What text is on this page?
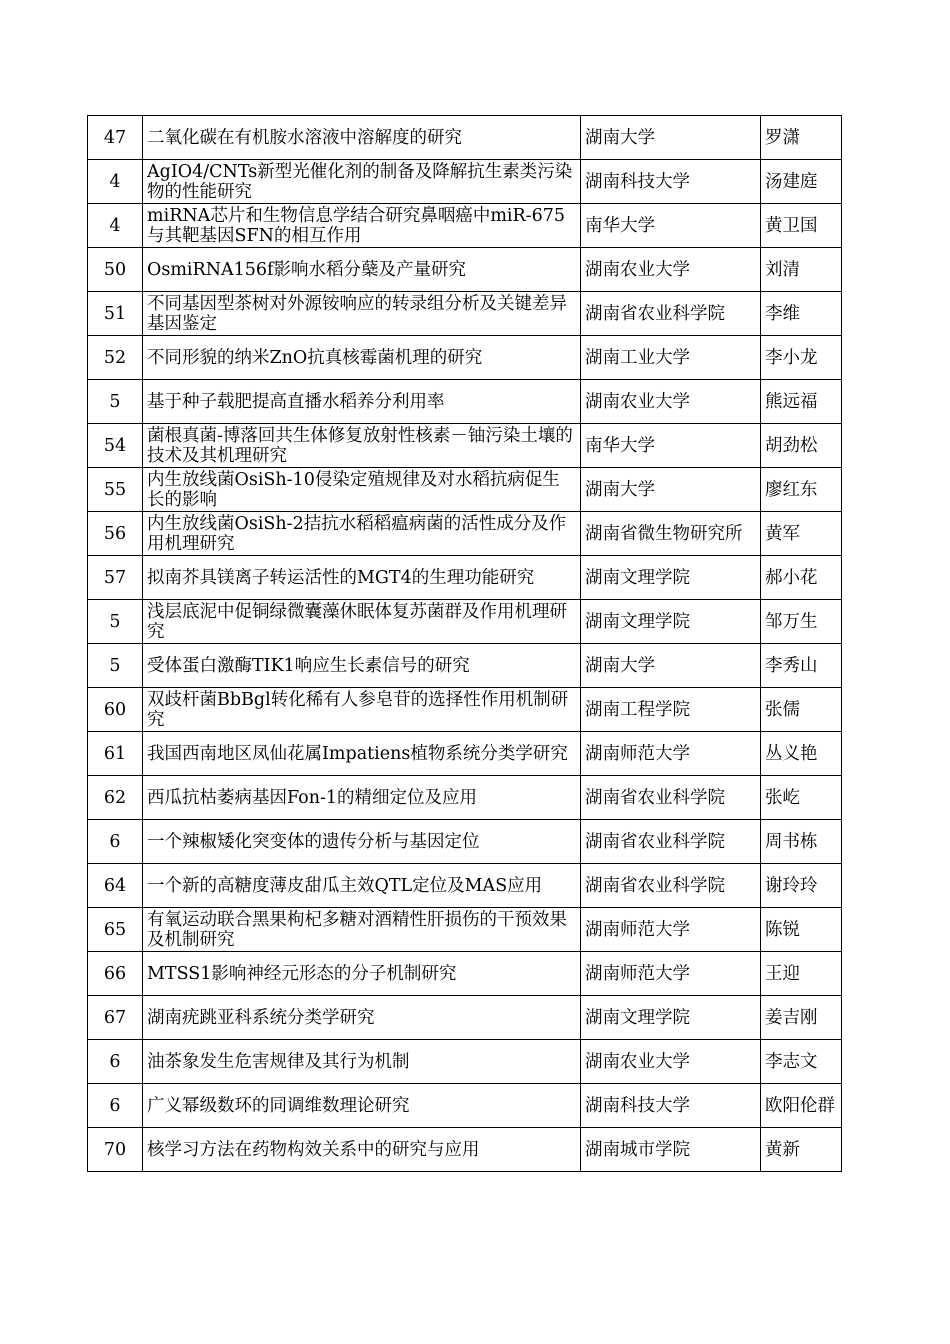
47	二氧化碳在有机胺水溶液中溶解度的研究	湖南大学	罗潇
4	AgIO4/CNTs新型光催化剂的制备及降解抗生素类污染物的性能研究	湖南科技大学	汤建庭
4	miRNA芯片和生物信息学结合研究鼻咽癌中miR-675与其靶基因SFN的相互作用	南华大学	黄卫国
50	OsmiRNA156f影响水稻分蘖及产量研究	湖南农业大学	刘清
51	不同基因型茶树对外源铵响应的转录组分析及关键差异基因鉴定	湖南省农业科学院	李维
52	不同形貌的纳米ZnO抗真核霉菌机理的研究	湖南工业大学	李小龙
5	基于种子载肥提高直播水稻养分利用率	湖南农业大学	熊远福
54	菌根真菌-博落回共生体修复放射性核素－铀污染土壤的技术及其机理研究	南华大学	胡劲松
55	内生放线菌OsiSh-10侵染定殖规律及对水稻抗病促生长的影响	湖南大学	廖红东
56	内生放线菌OsiSh-2拮抗水稻稻瘟病菌的活性成分及作用机理研究	湖南省微生物研究所	黄军
57	拟南芥具镁离子转运活性的MGT4的生理功能研究	湖南文理学院	郝小花
5	浅层底泥中促铜绿微囊藻休眠体复苏菌群及作用机理研究	湖南文理学院	邹万生
5	受体蛋白激酶TIK1响应生长素信号的研究	湖南大学	李秀山
60	双歧杆菌BbBgl转化稀有人参皂苷的选择性作用机制研究	湖南工程学院	张儒
61	我国西南地区凤仙花属Impatiens植物系统分类学研究	湖南师范大学	丛义艳
62	西瓜抗枯萎病基因Fon-1的精细定位及应用	湖南省农业科学院	张屹
6	一个辣椒矮化突变体的遗传分析与基因定位	湖南省农业科学院	周书栋
64	一个新的高糖度薄皮甜瓜主效QTL定位及MAS应用	湖南省农业科学院	谢玲玲
65	有氧运动联合黑果枸杞多糖对酒精性肝损伤的干预效果及机制研究	湖南师范大学	陈锐
66	MTSS1影响神经元形态的分子机制研究	湖南师范大学	王迎
67	湖南疣跳亚科系统分类学研究	湖南文理学院	姜吉刚
6	油茶象发生危害规律及其行为机制	湖南农业大学	李志文
6	广义幂级数环的同调维数理论研究	湖南科技大学	欧阳伦群
70	核学习方法在药物构效关系中的研究与应用	湖南城市学院	黄新
